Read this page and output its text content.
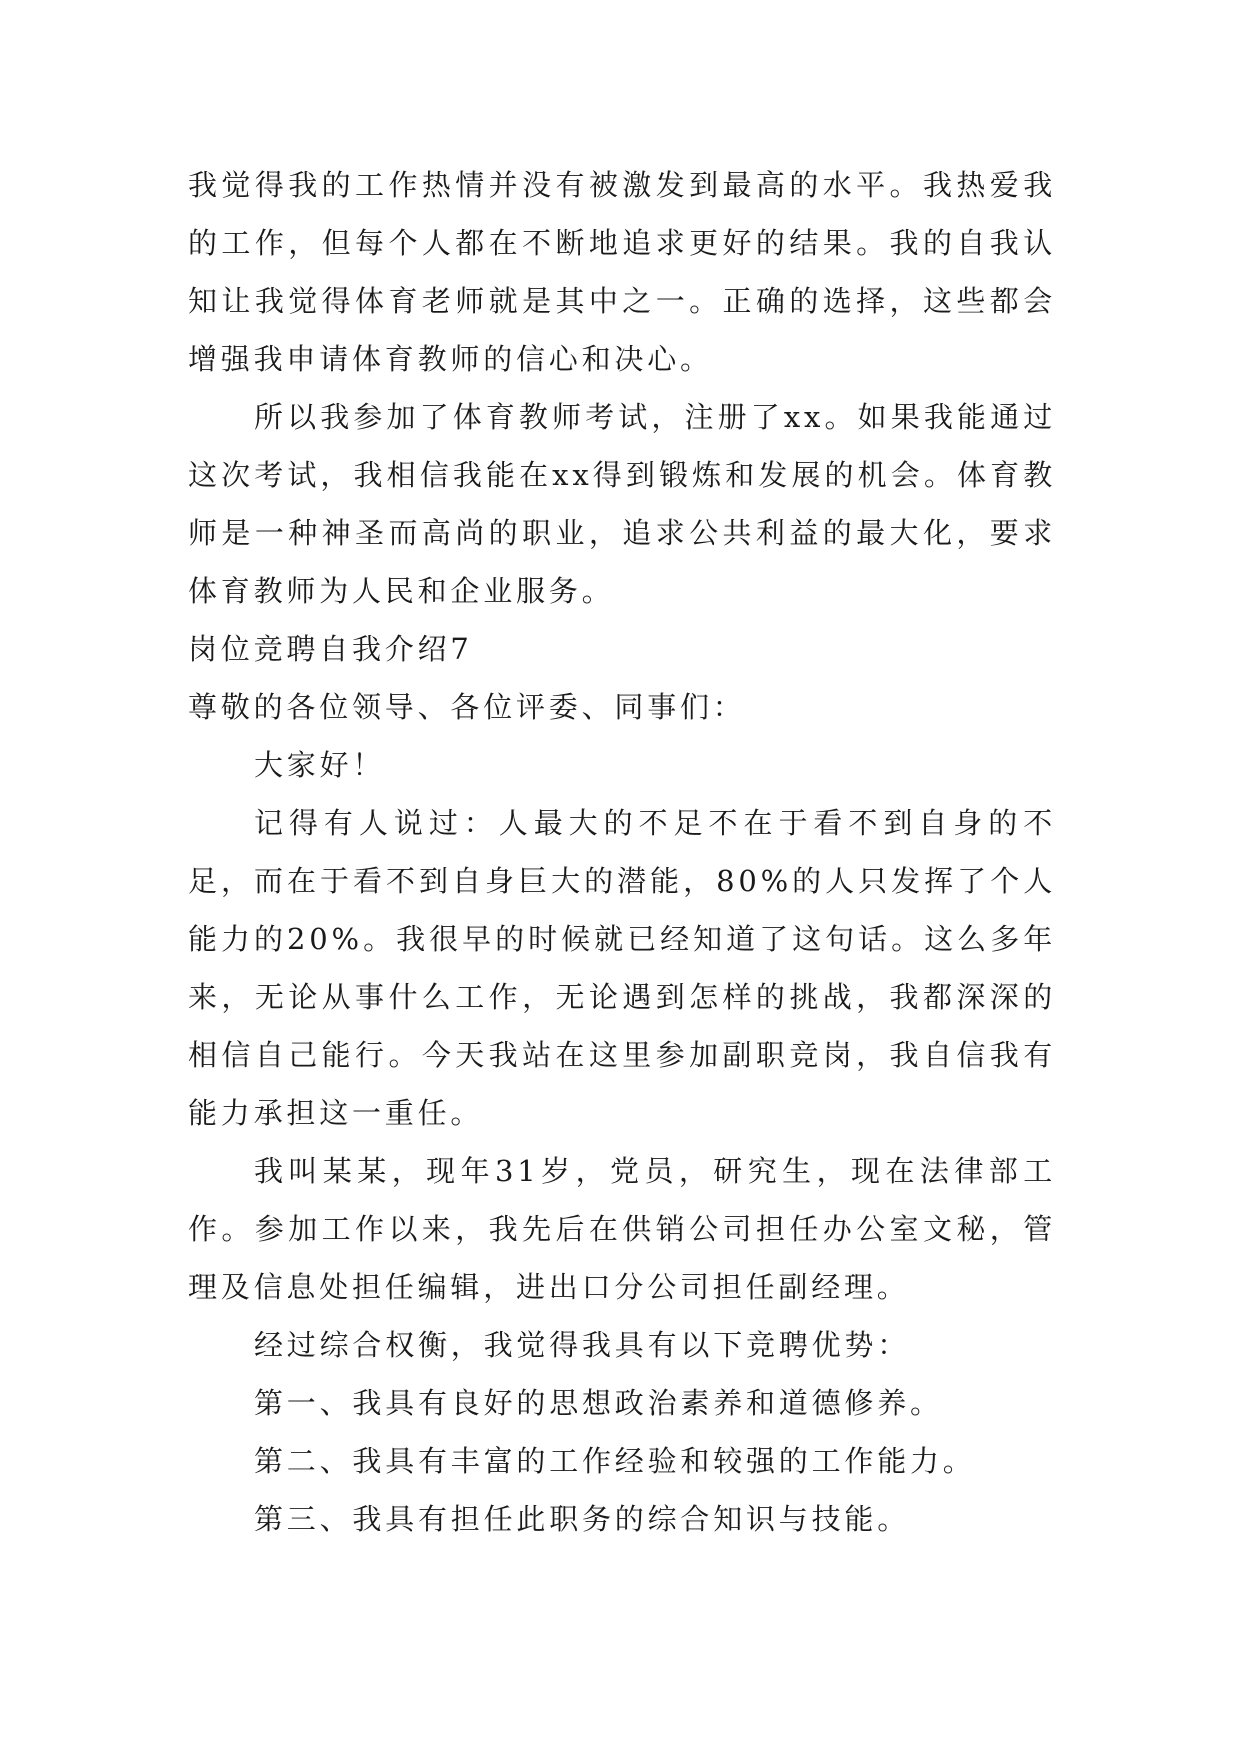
我觉得我的工作热情并没有被激发到最高的水平。我热爱我的工作，但每个人都在不断地追求更好的结果。我的自我认知让我觉得体育老师就是其中之一。正确的选择，这些都会增强我申请体育教师的信心和决心。

所以我参加了体育教师考试，注册了xx。如果我能通过这次考试，我相信我能在xx得到锻炼和发展的机会。体育教师是一种神圣而高尚的职业，追求公共利益的最大化，要求体育教师为人民和企业服务。

岗位竞聘自我介绍7

尊敬的各位领导、各位评委、同事们：

大家好！

记得有人说过：人最大的不足不在于看不到自身的不足，而在于看不到自身巨大的潜能，80%的人只发挥了个人能力的20%。我很早的时候就已经知道了这句话。这么多年来，无论从事什么工作，无论遇到怎样的挑战，我都深深的相信自己能行。今天我站在这里参加副职竞岗，我自信我有能力承担这一重任。

我叫某某，现年31岁，党员，研究生，现在法律部工作。参加工作以来，我先后在供销公司担任办公室文秘，管理及信息处担任编辑，进出口分公司担任副经理。

经过综合权衡，我觉得我具有以下竞聘优势：

第一、我具有良好的思想政治素养和道德修养。

第二、我具有丰富的工作经验和较强的工作能力。

第三、我具有担任此职务的综合知识与技能。
